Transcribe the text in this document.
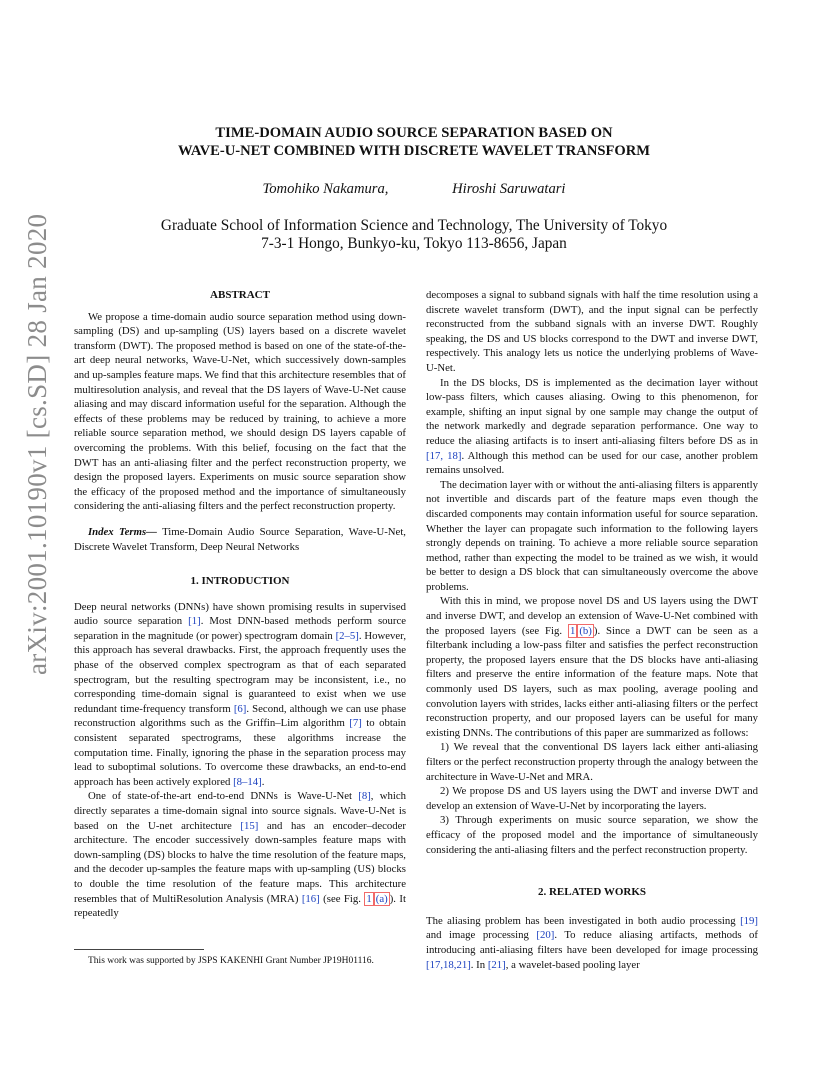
TIME-DOMAIN AUDIO SOURCE SEPARATION BASED ON
WAVE-U-NET COMBINED WITH DISCRETE WAVELET TRANSFORM
Tomohiko Nakamura,	Hiroshi Saruwatari
Graduate School of Information Science and Technology, The University of Tokyo
7-3-1 Hongo, Bunkyo-ku, Tokyo 113-8656, Japan
arXiv:2001.10190v1 [cs.SD] 28 Jan 2020	ABSTRACT

We propose a time-domain audio source separation method using down-sampling (DS) and up-sampling (US) layers based on a discrete wavelet transform (DWT). The proposed method is based on one of the state-of-the-art deep neural networks, Wave-U-Net, which successively down-samples and up-samples feature maps. We find that this architecture resembles that of multiresolution analysis, and reveal that the DS layers of Wave-U-Net cause aliasing and may discard information useful for the separation. Although the effects of these problems may be reduced by training, to achieve a more reliable source separation method, we should design DS layers capable of overcoming the problems. With this belief, focusing on the fact that the DWT has an anti-aliasing filter and the perfect reconstruction property, we design the proposed layers. Experiments on music source separation show the efficacy of the proposed method and the importance of simultaneously considering the anti-aliasing filters and the perfect reconstruction property.

Index Terms— Time-Domain Audio Source Separation, Wave-U-Net, Discrete Wavelet Transform, Deep Neural Networks

1. INTRODUCTION

Deep neural networks (DNNs) have shown promising results in supervised audio source separation [1]. Most DNN-based methods perform source separation in the magnitude (or power) spectrogram domain [2–5]. However, this approach has several drawbacks. First, the approach frequently uses the phase of the observed complex spectrogram as that of each separated spectrogram, but the resulting spectrogram may be inconsistent, i.e., no corresponding time-domain signal is guaranteed to exist when we use redundant time-frequency transform [6]. Second, although we can use phase reconstruction algorithms such as the Griffin–Lim algorithm [7] to obtain consistent separated spectrograms, these algorithms increase the computation time. Finally, ignoring the phase in the separation process may lead to suboptimal solutions. To overcome these drawbacks, an end-to-end approach has been actively explored [8–14].

One of state-of-the-art end-to-end DNNs is Wave-U-Net [8], which directly separates a time-domain signal into source signals. Wave-U-Net is based on the U-net architecture [15] and has an encoder–decoder architecture. The encoder successively down-samples feature maps with down-sampling (DS) blocks to halve the time resolution of the feature maps, and the decoder up-samples the feature maps with up-sampling (US) blocks to double the time resolution of the feature maps. This architecture resembles that of MultiResolution Analysis (MRA) [16] (see Fig. 1 (a) ). It repeatedly

This work was supported by JSPS KAKENHI Grant Number JP19H01116.

decomposes a signal to subband signals with half the time resolution using a discrete wavelet transform (DWT), and the input signal can be perfectly reconstructed from the subband signals with an inverse DWT. Roughly speaking, the DS and US blocks correspond to the DWT and inverse DWT, respectively. This analogy lets us notice the underlying problems of Wave-U-Net.

In the DS blocks, DS is implemented as the decimation layer without low-pass filters, which causes aliasing. Owing to this phenomenon, for example, shifting an input signal by one sample may change the output of the network markedly and degrade separation performance. One way to reduce the aliasing artifacts is to insert anti-aliasing filters before DS as in [17, 18]. Although this method can be used for our case, another problem remains unsolved.

The decimation layer with or without the anti-aliasing filters is apparently not invertible and discards part of the feature maps even though the discarded components may contain information useful for source separation. Whether the layer can propagate such information to the following layers strongly depends on training. To achieve a more reliable source separation method, rather than expecting the model to be trained as we wish, it would be better to design a DS block that can simultaneously overcome the above problems.

With this in mind, we propose novel DS and US layers using the DWT and inverse DWT, and develop an extension of Wave-U-Net combined with the proposed layers (see Fig. 1 (b) ). Since a DWT can be seen as a filterbank including a low-pass filter and satisfies the perfect reconstruction property, the proposed layers ensure that the DS blocks have anti-aliasing filters and preserve the entire information of the feature maps. Note that commonly used DS layers, such as max pooling, average pooling and convolution layers with strides, lacks either anti-aliasing filters or the perfect reconstruction property, and our proposed layers can be useful for many existing DNNs. The contributions of this paper are summarized as follows:

1) We reveal that the conventional DS layers lack either anti-aliasing filters or the perfect reconstruction property through the analogy between the architecture in Wave-U-Net and MRA.

2) We propose DS and US layers using the DWT and inverse DWT and develop an extension of Wave-U-Net by incorporating the layers.

3) Through experiments on music source separation, we show the efficacy of the proposed model and the importance of simultaneously considering the anti-aliasing filters and the perfect reconstruction property.

2. RELATED WORKS

The aliasing problem has been investigated in both audio processing [19] and image processing [20]. To reduce aliasing artifacts, methods of introducing anti-aliasing filters have been developed for image processing [17,18,21]. In [21], a wavelet-based pooling layer
